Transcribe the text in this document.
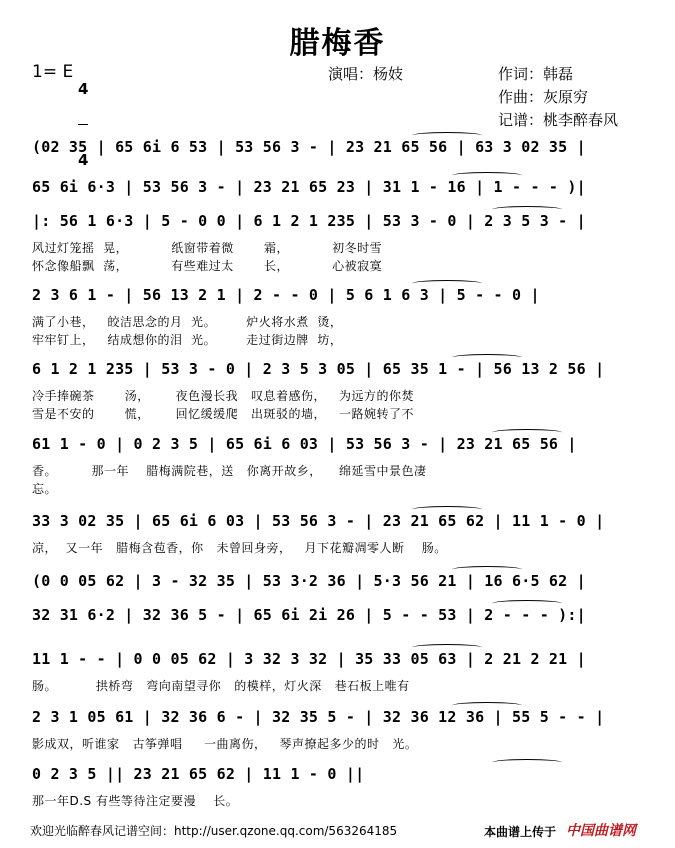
腊梅香
1= E

4

4

演唱：杨妓	作词：韩磊
作曲：灰原穷
记谱：桃李醉春风
(02 35 | 65 6i 6 53 | 53 56 3 - | 23 21 65 56 | 63 3 02 35 |
65 6i 6·3 | 53 56 3 - | 23 21 65 23 | 31 1 - 16 | 1 - - - )|
|: 56 1 6·3 | 5 - 0 0 | 6 1 2 1 235 | 53 3 - 0 | 2 3 5 3 - |
风过灯笼摇  晃，          纸窗带着微       霜，          初冬时雪
怀念像船飘  荡，          有些难过太       长，          心被寂寞
2 3 6 1 - | 56 13 2 1 | 2 - - 0 | 5 6 1 6 3 | 5 - - 0 |
满了小巷，   皎洁思念的月  光。       炉火将水煮  烫，
牢牢钉上，   结成想你的泪  光。       走过街边牌  坊，
6 1 2 1 235 | 53 3 - 0 | 2 3 5 3 05 | 65 35 1 - | 56 13 2 56 |
冷手捧碗茶       汤，      夜色漫长我   叹息着感伤，   为远方的你焚
雪是不安的       慌，      回忆缓缓爬   出斑驳的墙，   一路婉转了不
61 1 - 0 | 0 2 3 5 | 65 6i 6 03 | 53 56 3 - | 23 21 65 56 |
香。        那一年    腊梅满院巷，送   你离开故乡，    绵延雪中景色凄
忘。
33 3 02 35 | 65 6i 6 03 | 53 56 3 - | 23 21 65 62 | 11 1 - 0 |
凉，  又一年   腊梅含苞香，你   未曾回身旁，   月下花瓣凋零人断    肠。
(0 0 05 62 | 3 - 32 35 | 53 3·2 36 | 5·3 56 21 | 16 6·5 62 |
32 31 6·2 | 32 36 5 - | 65 6i 2i 26 | 5 - - 53 | 2 - - - ):|
11 1 - - | 0 0 05 62 | 3 32 3 32 | 35 33 05 63 | 2 21 2 21 |
肠。         拱桥弯   弯向南望寻你   的模样，灯火深   巷石板上唯有
2 3 1 05 61 | 32 36 6 - | 32 35 5 - | 32 36 12 36 | 55 5 - - |
影成双，听谁家   古筝弹唱     一曲离伤，   琴声撩起多少的时   光。
0 2 3 5 || 23 21 65 62 | 11 1 - 0 ||
那一年D.S 有些等待注定要漫    长。
欢迎光临醉春风记谱空间：http://user.qzone.qq.com/563264185	本曲谱上传于 中国曲谱网
